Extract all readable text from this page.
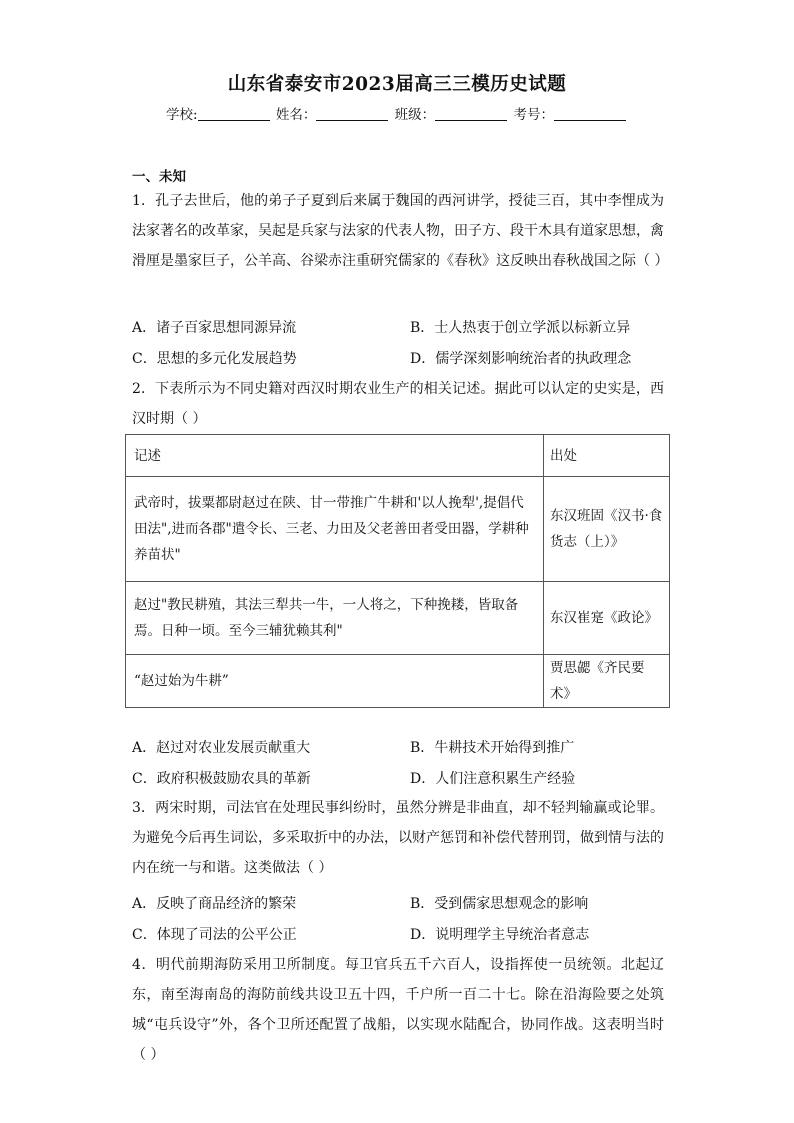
山东省泰安市2023届高三三模历史试题
学校:	姓名：	班级：	考号：
一、未知
1．孔子去世后，他的弟子子夏到后来属于魏国的西河讲学，授徒三百，其中李悝成为法家著名的改革家，吴起是兵家与法家的代表人物，田子方、段干木具有道家思想，禽滑厘是墨家巨子，公羊高、谷梁赤注重研究儒家的《春秋》这反映出春秋战国之际（ ）
A．诸子百家思想同源异流	B．士人热衷于创立学派以标新立异
C．思想的多元化发展趋势	D．儒学深刻影响统治者的执政理念
2．下表所示为不同史籍对西汉时期农业生产的相关记述。据此可以认定的史实是，西汉时期（ ）
记述	出处
武帝时，拔粟都尉赵过在陕、甘一带推广牛耕和'以人挽犁',提倡代田法",进而各郡"遣令长、三老、力田及父老善田者受田器，学耕种养苗状"	东汉班固《汉书·食货志（上）》
赵过"教民耕殖，其法三犁共一牛，一人将之，下种挽耧，皆取备焉。日种一顷。至今三辅犹赖其利"	东汉崔寔《政论》
“赵过始为牛耕”	贾思勰《齐民要术》
A．赵过对农业发展贡献重大	B．牛耕技术开始得到推广
C．政府积极鼓励农具的革新	D．人们注意积累生产经验
3．两宋时期，司法官在处理民事纠纷时，虽然分辨是非曲直，却不轻判输赢或论罪。为避免今后再生词讼，多采取折中的办法，以财产惩罚和补偿代替刑罚，做到情与法的内在统一与和谐。这类做法（ ）
A．反映了商品经济的繁荣	B．受到儒家思想观念的影响
C．体现了司法的公平公正	D．说明理学主导统治者意志
4．明代前期海防采用卫所制度。每卫官兵五千六百人，设指挥使一员统领。北起辽东，南至海南岛的海防前线共设卫五十四，千户所一百二十七。除在沿海险要之处筑城“屯兵设守”外，各个卫所还配置了战船，以实现水陆配合，协同作战。这表明当时（ ）
